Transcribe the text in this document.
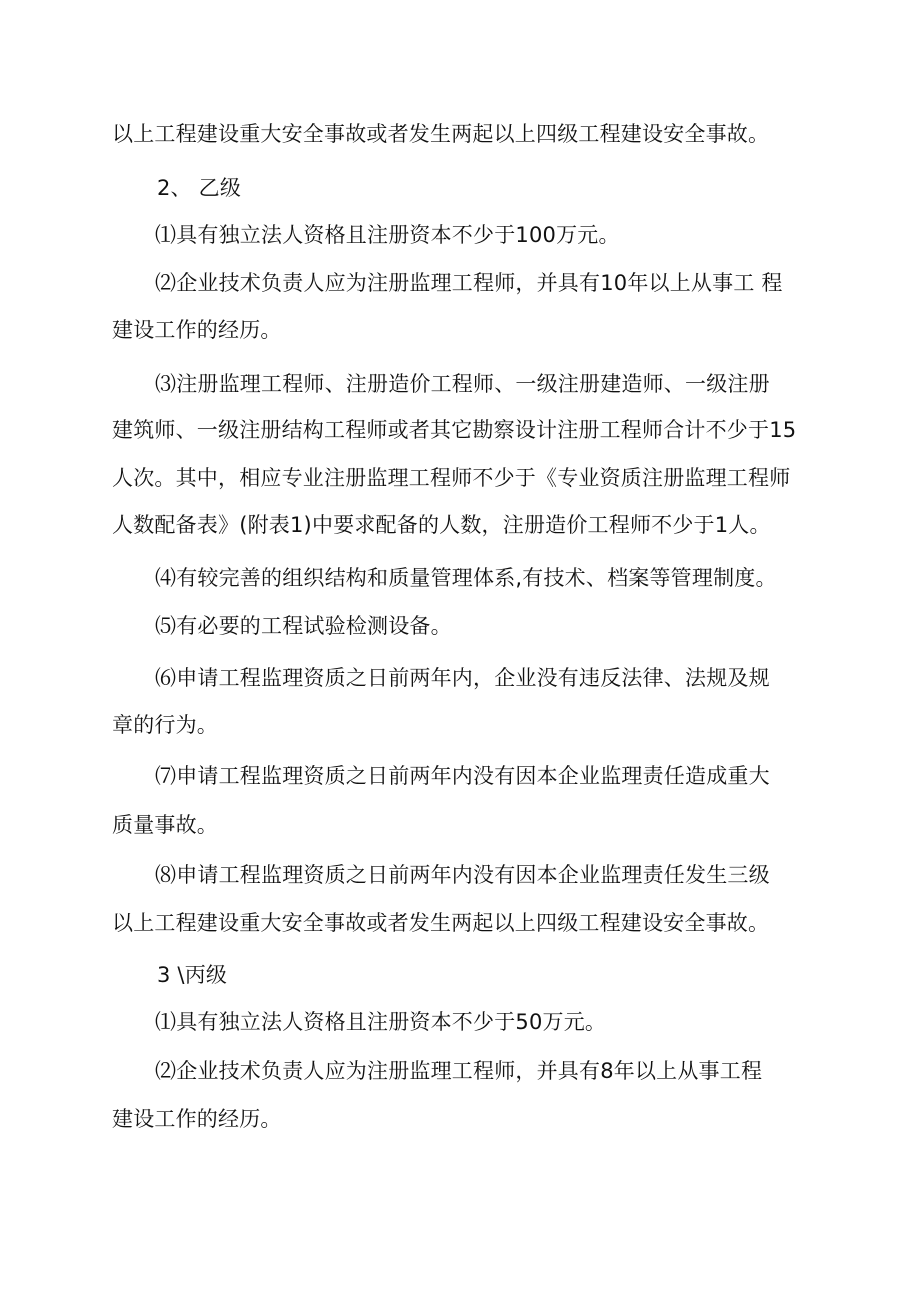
以上工程建设重大安全事故或者发生两起以上四级工程建设安全事故。
2、 乙级
⑴具有独立法人资格且注册资本不少于100万元。
⑵企业技术负责人应为注册监理工程师，并具有10年以上从事工 程
建设工作的经历。
⑶注册监理工程师、注册造价工程师、一级注册建造师、一级注册
建筑师、一级注册结构工程师或者其它勘察设计注册工程师合计不少于15
人次。其中，相应专业注册监理工程师不少于《专业资质注册监理工程师
人数配备表》(附表1)中要求配备的人数，注册造价工程师不少于1人。
⑷有较完善的组织结构和质量管理体系,有技术、档案等管理制度。
⑸有必要的工程试验检测设备。
⑹申请工程监理资质之日前两年内，企业没有违反法律、法规及规
章的行为。
⑺申请工程监理资质之日前两年内没有因本企业监理责任造成重大
质量事故。
⑻申请工程监理资质之日前两年内没有因本企业监理责任发生三级
以上工程建设重大安全事故或者发生两起以上四级工程建设安全事故。
3 \丙级
⑴具有独立法人资格且注册资本不少于50万元。
⑵企业技术负责人应为注册监理工程师，并具有8年以上从事工程
建设工作的经历。
